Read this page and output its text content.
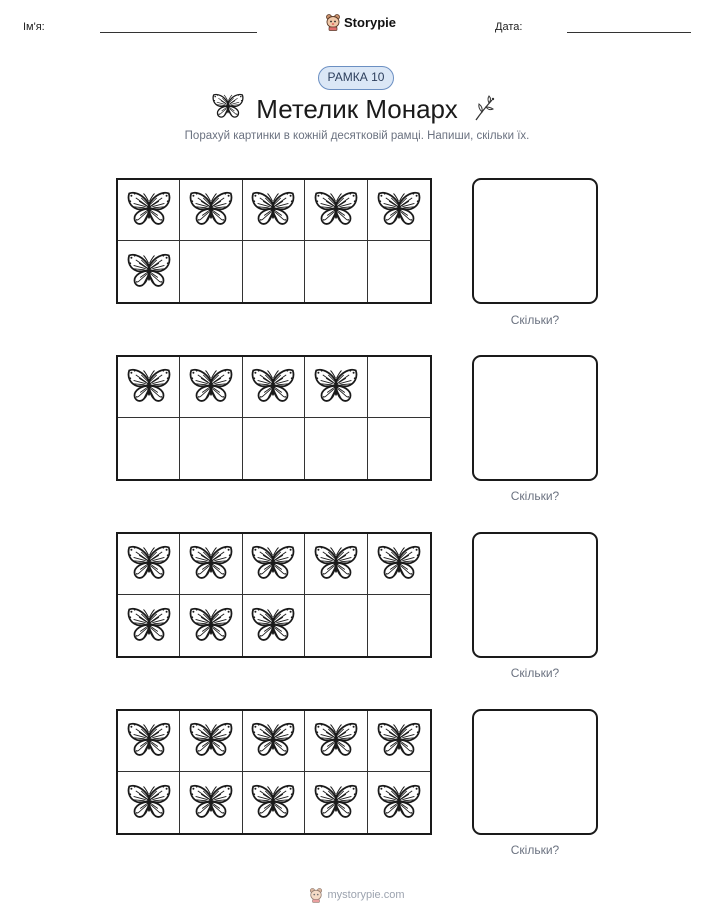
Ім'я:	Storypie	Дата:
РАМКА 10
Метелик Монарх
Порахуй картинки в кожній десятковій рамці. Напиши, скільки їх.
Скільки?
Скільки?
Скільки?
Скільки?
mystorypie.com
